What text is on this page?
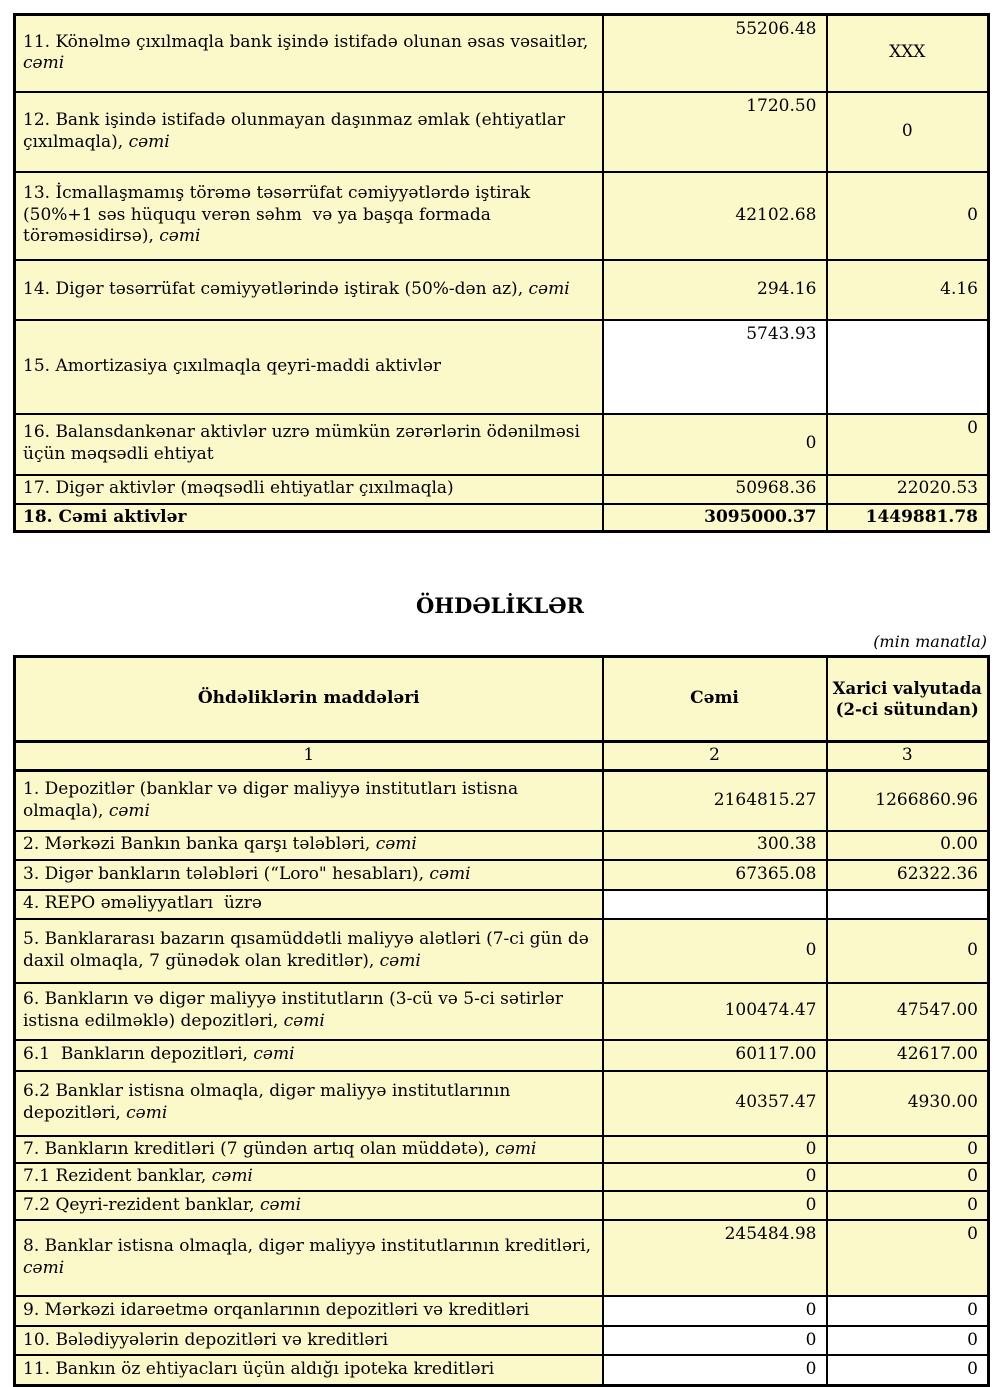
11. Könəlmə çıxılmaqla bank işində istifadə olunan əsas vəsaitlər, cəmi	55206.48	XXX
12. Bank işində istifadə olunmayan daşınmaz əmlak (ehtiyatlar çıxılmaqla), cəmi	1720.50	0
13. İcmallaşmamış törəmə təsərrüfat cəmiyyətlərdə iştirak (50%+1 səs hüququ verən səhm  və ya başqa formada törəməsidirsə), cəmi	42102.68	0
14. Digər təsərrüfat cəmiyyətlərində iştirak (50%-dən az), cəmi	294.16	4.16
15. Amortizasiya çıxılmaqla qeyri-maddi aktivlər	5743.93	
16. Balansdankənar aktivlər uzrə mümkün zərərlərin ödənilməsi üçün məqsədli ehtiyat	0	0
17. Digər aktivlər (məqsədli ehtiyatlar çıxılmaqla)	50968.36	22020.53
18. Cəmi aktivlər	3095000.37	1449881.78
ÖHDƏLİKLƏR
(min manatla)
Öhdəliklərin maddələri	Cəmi	Xarici valyutada (2-ci sütundan)
1	2	3
1. Depozitlər (banklar və digər maliyyə institutları istisna olmaqla), cəmi	2164815.27	1266860.96
2. Mərkəzi Bankın banka qarşı tələbləri, cəmi	300.38	0.00
3. Digər bankların tələbləri (“Loro" hesabları), cəmi	67365.08	62322.36
4. REPO əməliyyatları  üzrə		
5. Banklararası bazarın qısamüddətli maliyyə alətləri (7-ci gün də daxil olmaqla, 7 günədək olan kreditlər), cəmi	0	0
6. Bankların və digər maliyyə institutların (3-cü və 5-ci sətirlər istisna edilməklə) depozitləri, cəmi	100474.47	47547.00
6.1  Bankların depozitləri, cəmi	60117.00	42617.00
6.2 Banklar istisna olmaqla, digər maliyyə institutlarının depozitləri, cəmi	40357.47	4930.00
7. Bankların kreditləri (7 gündən artıq olan müddətə), cəmi	0	0
7.1 Rezident banklar, cəmi	0	0
7.2 Qeyri-rezident banklar, cəmi	0	0
8. Banklar istisna olmaqla, digər maliyyə institutlarının kreditləri, cəmi	245484.98	0
9. Mərkəzi idarəetmə orqanlarının depozitləri və kreditləri	0	0
10. Bələdiyyələrin depozitləri və kreditləri	0	0
11. Bankın öz ehtiyacları üçün aldığı ipoteka kreditləri	0	0
